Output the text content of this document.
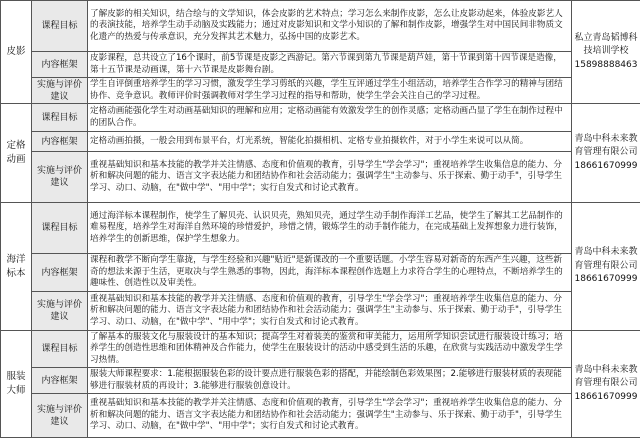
皮影	课程目标	了解皮影的相关知识，结合绘与的文学知识，体会皮影的艺术特点；学习怎么来制作皮影，怎么让皮影动起来，体验皮影艺人的表演技能，培养学生动手动脑及实践能力；通过对皮影知识和文学小知识的了解和制作皮影，增强学生对中国民间非物质文化遗产的热爱与传承意识，充分发挥其艺术魅力，弘扬中国的皮影艺术。	私立青岛韬博科技培训学校
15898888463
	内容框架	皮影课程，总共设立了16个课时，前5节课是皮影之西游记。第六节课到第九节课是葫芦娃，第十节课到第十四节课是造像，第十五节课是动画课，第十六节课是皮影舞台剧。	
	实施与评价建议	学生自评倒重培养学生的学习习惯，激发学生学习剪纸的兴趣，学生互评通过学生小组活动，培养学生合作学习的精神与团结协作、竞争意识。教师评价时强调教师对学生学习过程的指导和帮助，使学生学会关注自己的学习过程。	
定格动画	课程目标	定格动画能强化学生对动画基础知识的理解和应用；定格动画能有效激发学生的创作灵感；定格动画凸显了学生在制作过程中的团队合作。	青岛中科未来教育管理有限公司
18661670999
	内容框架	定格动画拍摄，一般会用到布景平台，灯光系统，智能化拍摄相机、定格专业拍摄软件，对于小学生来说可以从简。	
	实施与评价建议	重视基础知识和基本技能的教学并关注情感、态度和价值观的教育，引导学生"学会学习"；重视培养学生收集信息的能力、分析和解决问题的能力、语言文字表达能力和团结协作和社会活动能力；强调学生"主动参与、乐于探索、勤于动手"，引导学生学习、动口、动脑，在"做中学"、"用中学"；实行自发式和讨论式教育。	
海洋标本	课程目标	通过海洋标本课程制作，使学生了解贝壳、认识贝壳，熟知贝壳，通过学生动手制作海洋工艺品，使学生了解其工艺品制作的难易程度，培养学生对海洋自然环境的珍惜爱护，珍惜之情，锻炼学生的动手制作能力，在完成基础上发挥想象力进行装饰，培养学生的创新思维，保护学生想象力。	青岛中科未来教育管理有限公司
18661670999
	内容框架	课程和教学不断向学生靠拢，与学生经验和兴趣"贴近"是新课改的一个重要话题。小学生容易对新奇的东西产生兴趣，这些新奇的想法来源于生活，更取决与学生熟悉的事物，因此，海洋标本课程创作选题上力求符合学生的心理特点，不断培养学生的趣味性、创造性以及审美性。	
	实施与评价建议	重视基础知识和基本技能的教学并关注情感、态度和价值观的教育，引导学生"学会学习"；重视培养学生收集信息的能力、分析和解决问题的能力、语言文字表达能力和团结协作和社会活动能力；强调学生"主动参与、乐于探索、勤于动手"，引导学生学习、动口、动脑，在"做中学"、"用中学"；实行自发式和讨论式教育。	
服装大师	课程目标	了解基本的服装文化与服装设计的基本知识；提高学生对着装美的鉴赏和审美能力，运用所学知识尝试进行服装设计练习；培养学生的创造性思维和团体精神及合作能力，使学生在服装设计的活动中感受到生活的乐趣，在欣赏与实践活动中激发学生学习热情。	青岛中科未来教育管理有限公司
18661670999
	内容框架	服装大师课程要求：1.能根据服装色彩的设计要点进行服装色彩的搭配，并能绘制色彩效果图；2.能够进行服装材质的表现能够进行服装材质的再设计；3.能够进行服装创意设计。	
	实施与评价建议	重视基础知识和基本技能的教学并关注情感、态度和价值观的教育，引导学生"学会学习"；重视培养学生收集信息的能力、分析和解决问题的能力、语言文字表达能力和团结协作和社会活动能力；强调学生"主动参与、乐于探索、勤于动手"，引导学生学习、动口、动脑，在"做中学"、"用中学"；实行自发式和讨论式教育。	
